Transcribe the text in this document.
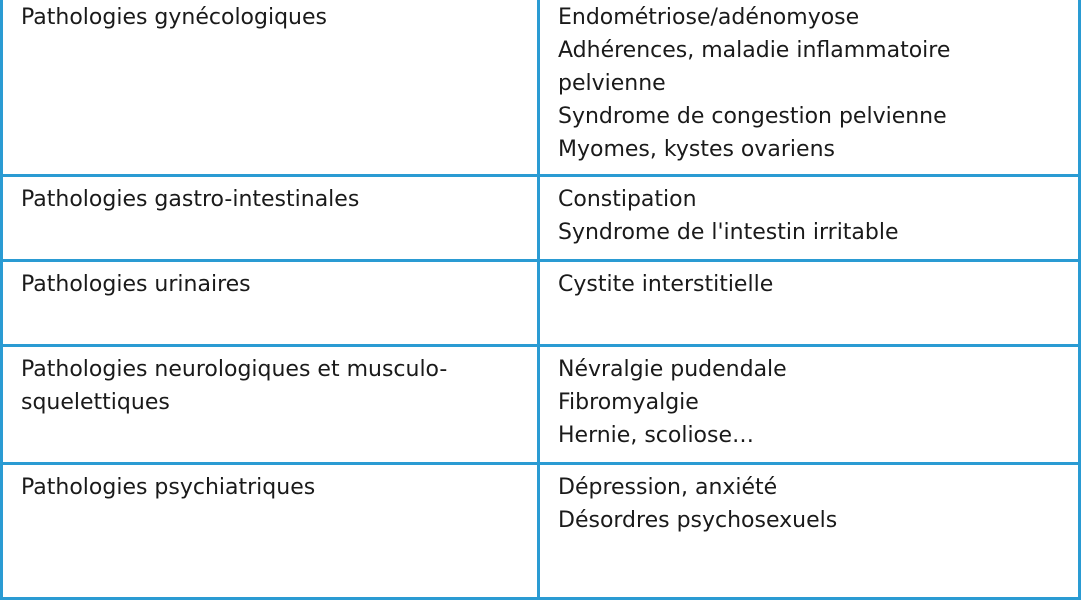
Pathologies gynécologiques	Endométriose/adénomyose
Adhérences, maladie inflammatoire pelvienne
Syndrome de congestion pelvienne
Myomes, kystes ovariens

Pathologies gastro-intestinales	Constipation
Syndrome de l'intestin irritable

Pathologies urinaires	Cystite interstitielle

Pathologies neurologiques et musculo-squelettiques	Névralgie pudendale
Fibromyalgie
Hernie, scoliose…

Pathologies psychiatriques	Dépression, anxiété
Désordres psychosexuels
